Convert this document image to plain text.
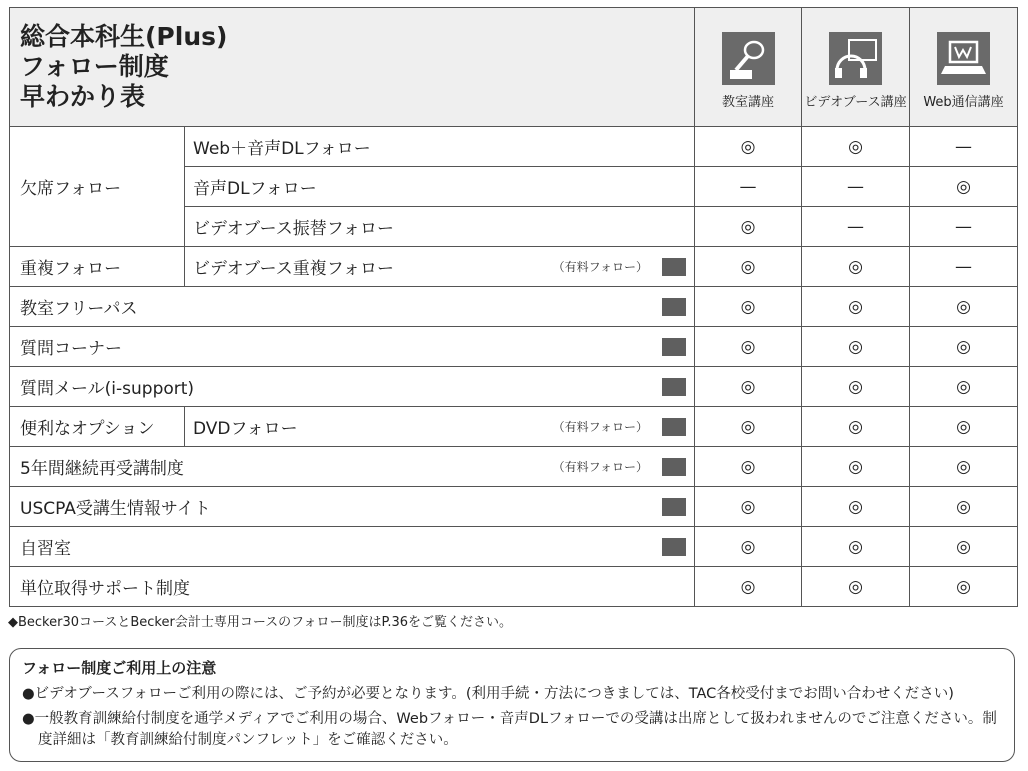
総合本科生(Plus)
フォロー制度
早わかり表		教室講座	ビデオブース講座	Web通信講座

欠席フォロー	Web＋音声DLフォロー	◎	◎	—
	音声DLフォロー	—	—	◎
	ビデオブース振替フォロー	◎	—	—
重複フォロー	ビデオブース重複フォロー （有料フォロー）	◎	◎	—

教室フリーパス		◎	◎	◎

質問コーナー		◎	◎	◎

質問メール(i-support)		◎	◎	◎
便利なオプション	DVDフォロー （有料フォロー）	◎	◎	◎

5年間継続再受講制度 （有料フォロー）		◎	◎	◎

USCPA受講生情報サイト		◎	◎	◎

自習室		◎	◎	◎
単位取得サポート制度		◎	◎	◎
◆Becker30コースとBecker会計士専用コースのフォロー制度はP.36をご覧ください。
フォロー制度ご利用上の注意

●ビデオブースフォローご利用の際には、ご予約が必要となります。(利用手続・方法につきましては、TAC各校受付までお問い合わせください)

●一般教育訓練給付制度を通学メディアでご利用の場合、Webフォロー・音声DLフォローでの受講は出席として扱われませんのでご注意ください。制度詳細は「教育訓練給付制度パンフレット」をご確認ください。
